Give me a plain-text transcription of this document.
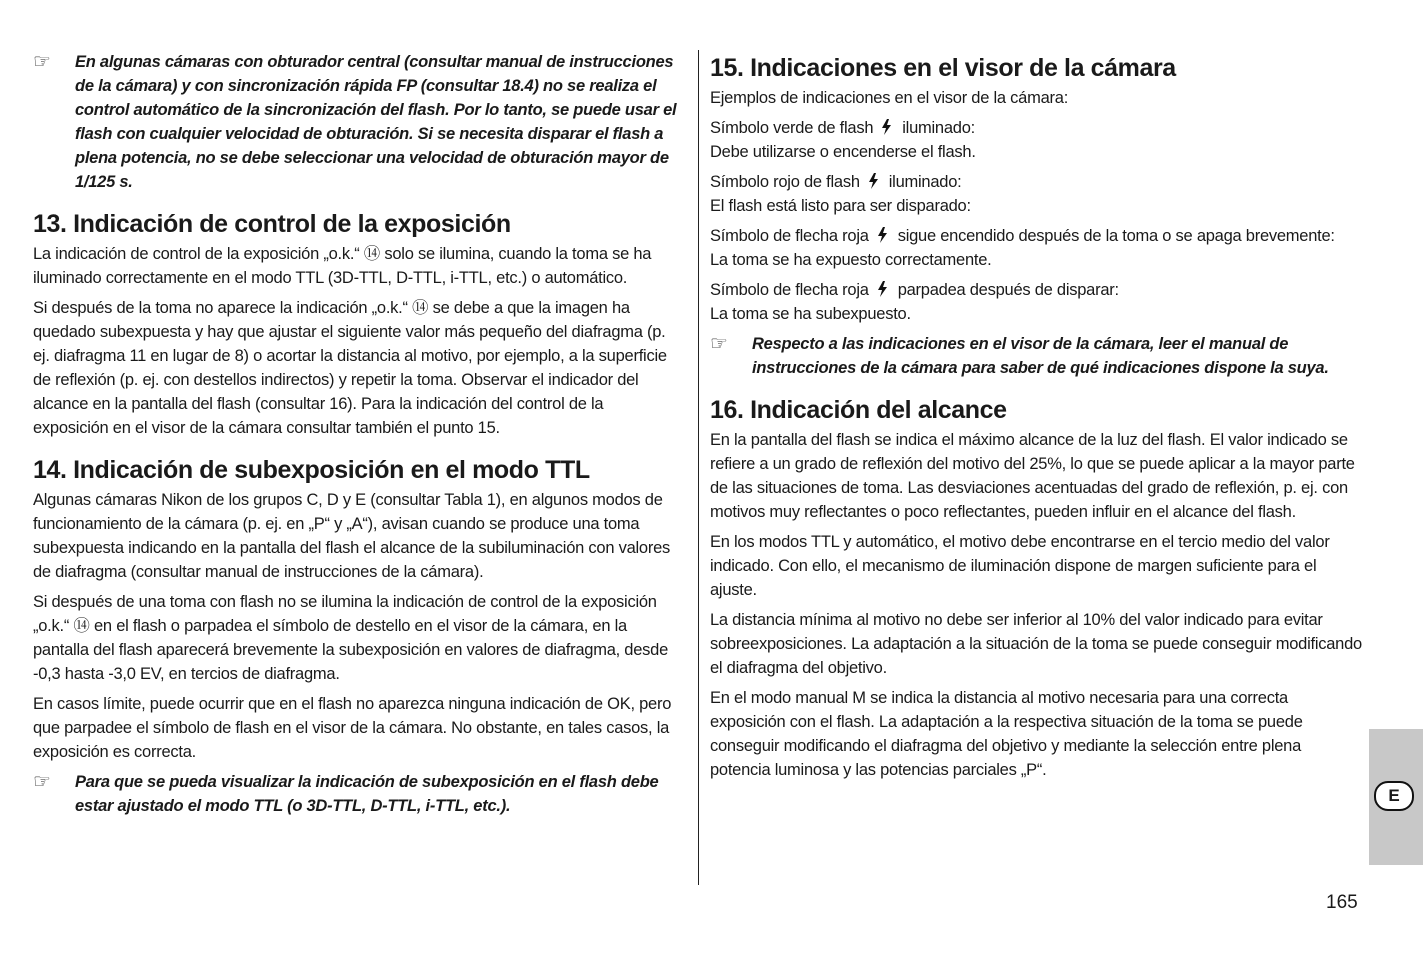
☞	En algunas cámaras con obturador central (consultar manual de instrucciones de la cámara) y con sincronización rápida FP (consultar 18.4) no se realiza el control automático de la sincronización del flash. Por lo tanto, se puede usar el flash con cualquier velocidad de obturación. Si se necesita disparar el flash a plena potencia, no se debe seleccionar una velocidad de obturación mayor de 1/125 s.

13. Indicación de control de la exposición

La indicación de control de la exposición „o.k.“ ⑭ solo se ilumina, cuando la toma se ha iluminado correctamente en el modo TTL (3D-TTL, D-TTL, i-TTL, etc.) o automático.

Si después de la toma no aparece la indicación „o.k.“ ⑭ se debe a que la imagen ha quedado subexpuesta y hay que ajustar el siguiente valor más pequeño del diafragma (p. ej. diafragma 11 en lugar de 8) o acortar la distancia al motivo, por ejemplo, a la superficie de reflexión (p. ej. con destellos indirectos) y repetir la toma. Observar el indicador del alcance en la pantalla del flash (consultar 16). Para la indicación del control de la exposición en el visor de la cámara consultar también el punto 15.

14. Indicación de subexposición en el modo TTL

Algunas cámaras Nikon de los grupos C, D y E (consultar Tabla 1), en algunos modos de funcionamiento de la cámara (p. ej. en „P“ y „A“), avisan cuando se produce una toma subexpuesta indicando en la pantalla del flash el alcance de la subiluminación con valores de diafragma (consultar manual de instrucciones de la cámara).

Si después de una toma con flash no se ilumina la indicación de control de la exposición „o.k.“ ⑭ en el flash o parpadea el símbolo de destello en el visor de la cámara, en la pantalla del flash aparecerá brevemente la subexposición en valores de diafragma, desde -0,3 hasta -3,0 EV, en tercios de diafragma.

En casos límite, puede ocurrir que en el flash no aparezca ninguna indicación de OK, pero que parpadee el símbolo de flash en el visor de la cámara. No obstante, en tales casos, la exposición es correcta.

☞	Para que se pueda visualizar la indicación de subexposición en el flash debe estar ajustado el modo TTL (o 3D-TTL, D-TTL, i-TTL, etc.).

15. Indicaciones en el visor de la cámara

Ejemplos de indicaciones en el visor de la cámara:

Símbolo verde de flash iluminado:

Debe utilizarse o encenderse el flash.

Símbolo rojo de flash iluminado:

El flash está listo para ser disparado:

Símbolo de flecha roja sigue encendido después de la toma o se apaga brevemente:

La toma se ha expuesto correctamente.

Símbolo de flecha roja parpadea después de disparar:

La toma se ha subexpuesto.

☞	Respecto a las indicaciones en el visor de la cámara, leer el manual de instrucciones de la cámara para saber de qué indicaciones dispone la suya.

16. Indicación del alcance

En la pantalla del flash se indica el máximo alcance de la luz del flash. El valor indicado se refiere a un grado de reflexión del motivo del 25%, lo que se puede aplicar a la mayor parte de las situaciones de toma. Las desviaciones acentuadas del grado de reflexión, p. ej. con motivos muy reflectantes o poco reflectantes, pueden influir en el alcance del flash.

En los modos TTL y automático, el motivo debe encontrarse en el tercio medio del valor indicado. Con ello, el mecanismo de iluminación dispone de margen suficiente para el ajuste.

La distancia mínima al motivo no debe ser inferior al 10% del valor indicado para evitar sobreexposiciones. La adaptación a la situación de la toma se puede conseguir modificando el diafragma del objetivo.

En el modo manual M se indica la distancia al motivo necesaria para una correcta exposición con el flash. La adaptación a la respectiva situación de la toma se puede conseguir modificando el diafragma del objetivo y mediante la selección entre plena potencia luminosa y las potencias parciales „P“.

E
165
